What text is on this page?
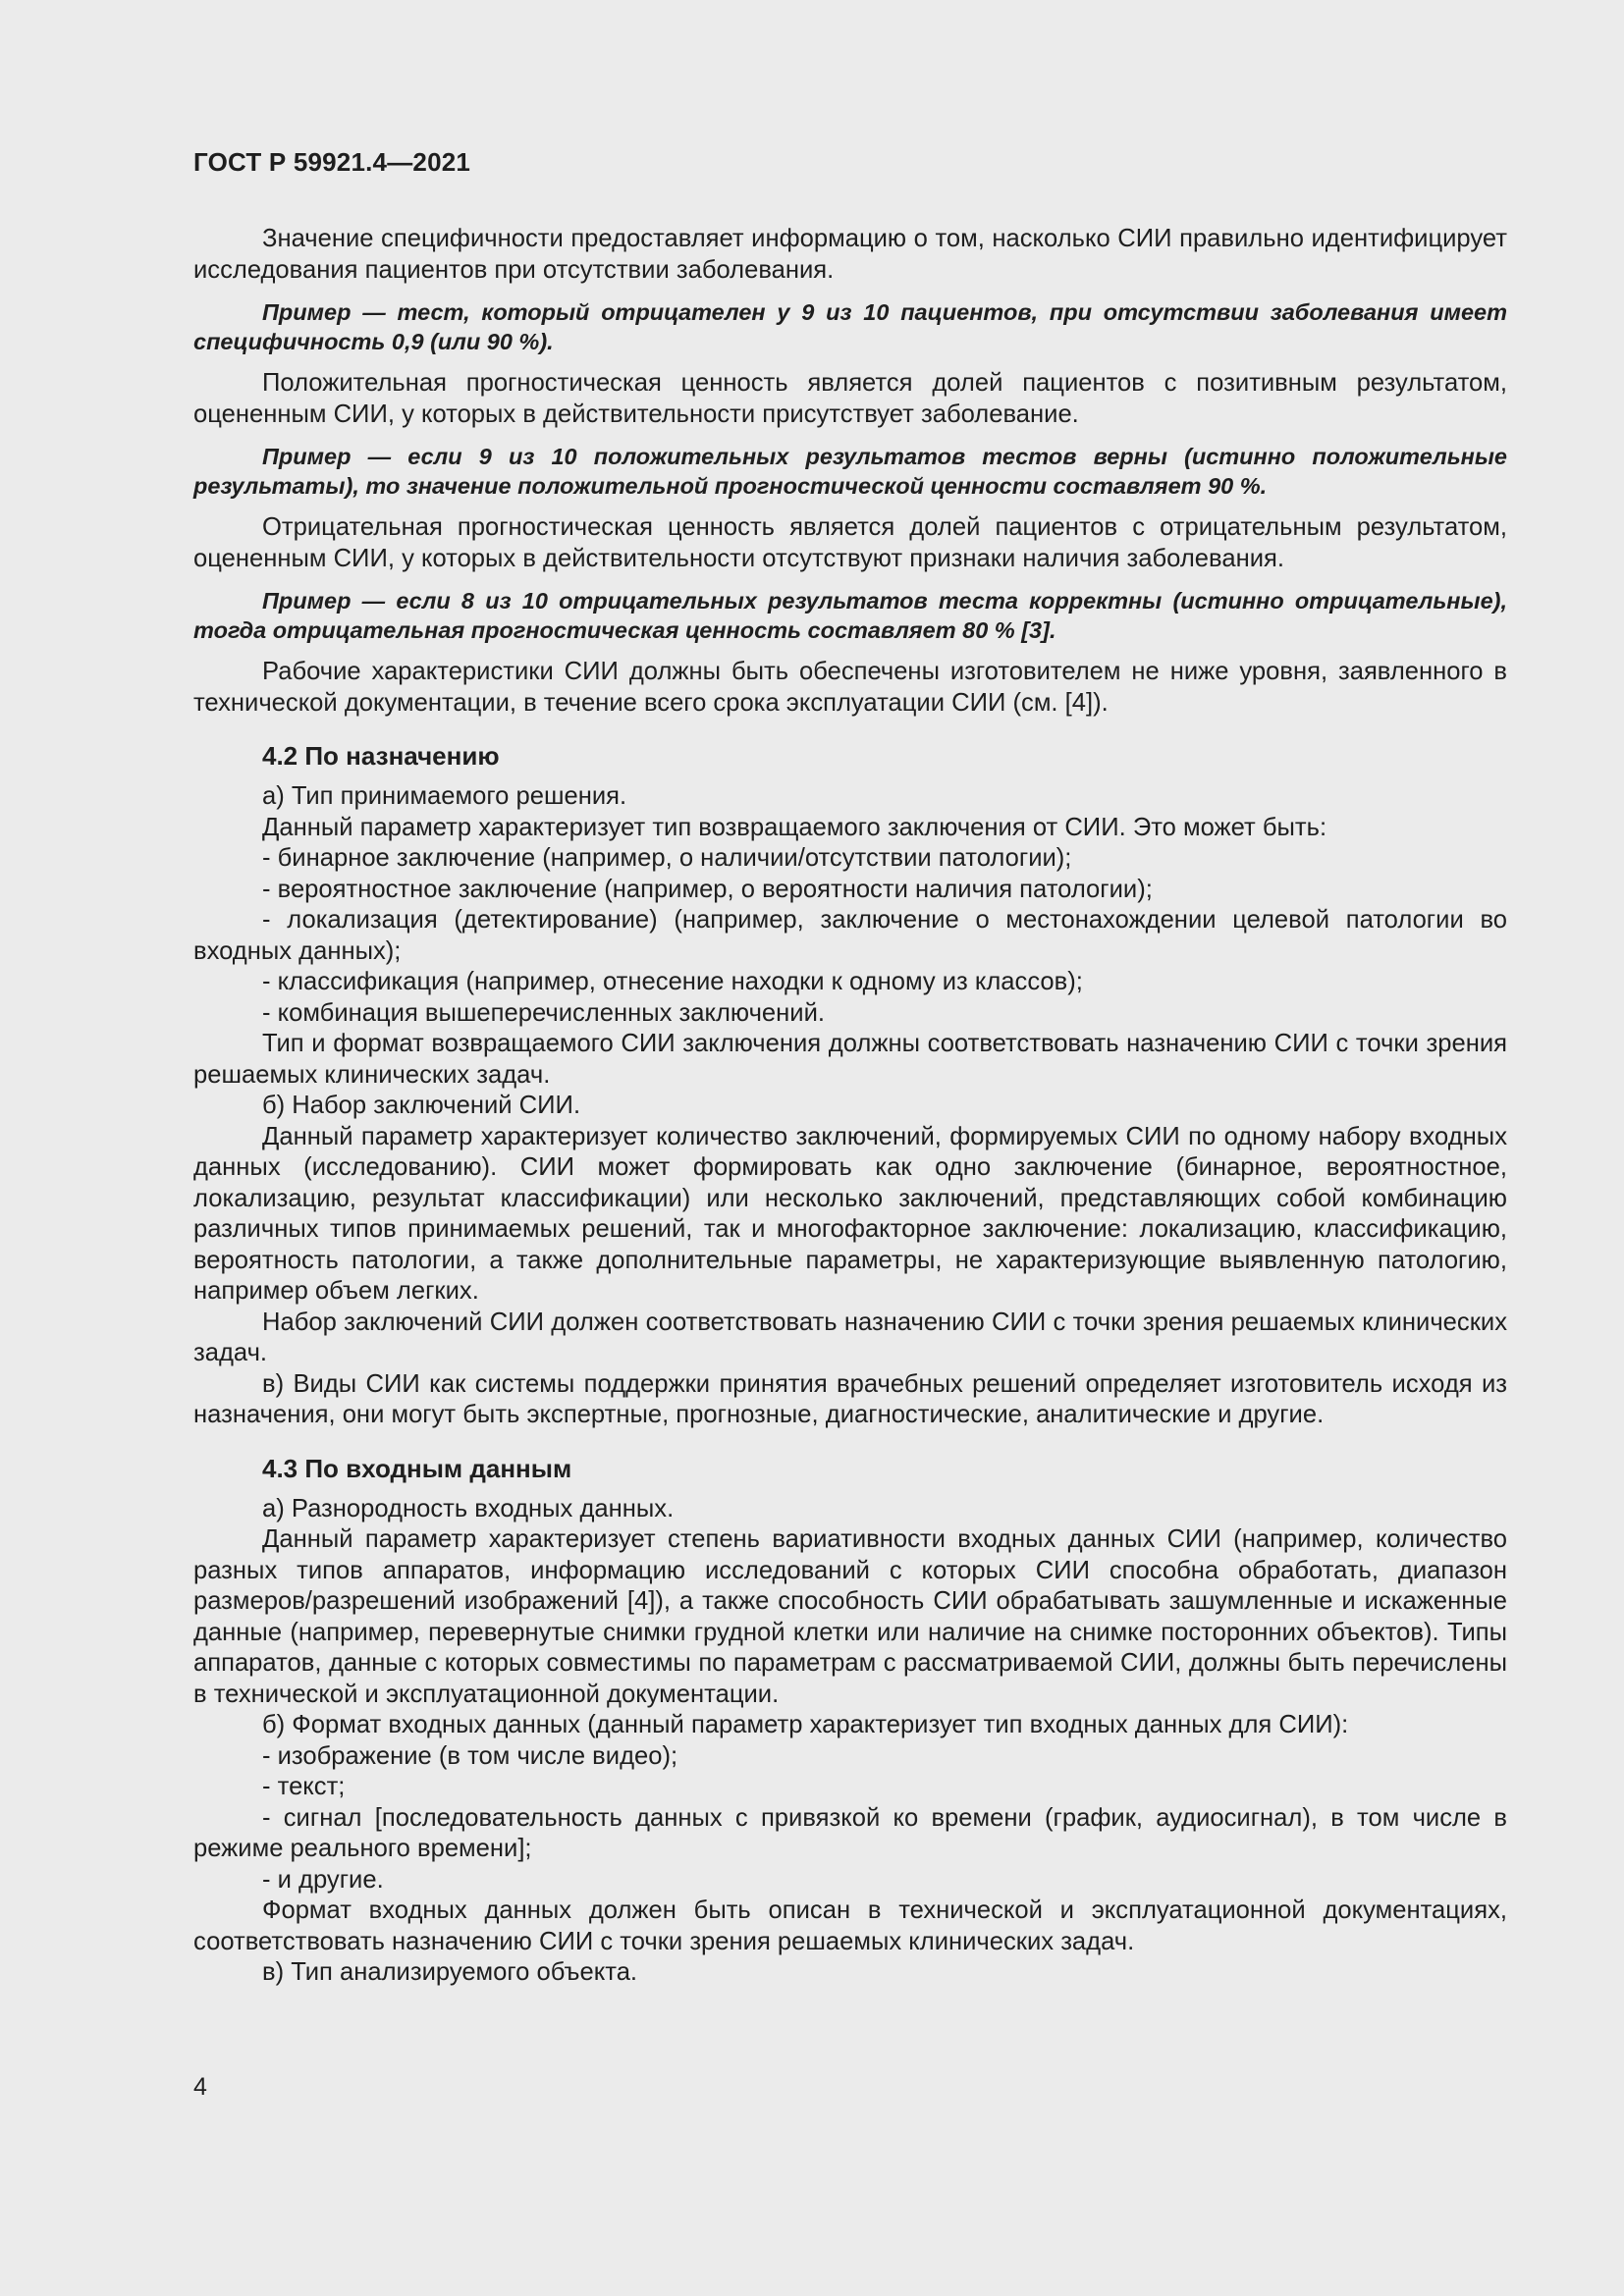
ГОСТ Р 59921.4—2021

Значение специфичности предоставляет информацию о том, насколько СИИ правильно идентифицирует исследования пациентов при отсутствии заболевания.

Пример — тест, который отрицателен у 9 из 10 пациентов, при отсутствии заболевания имеет специфичность 0,9 (или 90 %).

Положительная прогностическая ценность является долей пациентов с позитивным результатом, оцененным СИИ, у которых в действительности присутствует заболевание.

Пример — если 9 из 10 положительных результатов тестов верны (истинно положительные результаты), то значение положительной прогностической ценности составляет 90 %.

Отрицательная прогностическая ценность является долей пациентов с отрицательным результатом, оцененным СИИ, у которых в действительности отсутствуют признаки наличия заболевания.

Пример — если 8 из 10 отрицательных результатов теста корректны (истинно отрицательные), тогда отрицательная прогностическая ценность составляет 80 % [3].

Рабочие характеристики СИИ должны быть обеспечены изготовителем не ниже уровня, заявленного в технической документации, в течение всего срока эксплуатации СИИ (см. [4]).

4.2 По назначению

а) Тип принимаемого решения.

Данный параметр характеризует тип возвращаемого заключения от СИИ. Это может быть:

- бинарное заключение (например, о наличии/отсутствии патологии);

- вероятностное заключение (например, о вероятности наличия патологии);

- локализация (детектирование) (например, заключение о местонахождении целевой патологии во входных данных);

- классификация (например, отнесение находки к одному из классов);

- комбинация вышеперечисленных заключений.

Тип и формат возвращаемого СИИ заключения должны соответствовать назначению СИИ с точки зрения решаемых клинических задач.

б) Набор заключений СИИ.

Данный параметр характеризует количество заключений, формируемых СИИ по одному набору входных данных (исследованию). СИИ может формировать как одно заключение (бинарное, вероятностное, локализацию, результат классификации) или несколько заключений, представляющих собой комбинацию различных типов принимаемых решений, так и многофакторное заключение: локализацию, классификацию, вероятность патологии, а также дополнительные параметры, не характеризующие выявленную патологию, например объем легких.

Набор заключений СИИ должен соответствовать назначению СИИ с точки зрения решаемых клинических задач.

в) Виды СИИ как системы поддержки принятия врачебных решений определяет изготовитель исходя из назначения, они могут быть экспертные, прогнозные, диагностические, аналитические и другие.

4.3 По входным данным

а) Разнородность входных данных.

Данный параметр характеризует степень вариативности входных данных СИИ (например, количество разных типов аппаратов, информацию исследований с которых СИИ способна обработать, диапазон размеров/разрешений изображений [4]), а также способность СИИ обрабатывать зашумленные и искаженные данные (например, перевернутые снимки грудной клетки или наличие на снимке посторонних объектов). Типы аппаратов, данные с которых совместимы по параметрам с рассматриваемой СИИ, должны быть перечислены в технической и эксплуатационной документации.

б) Формат входных данных (данный параметр характеризует тип входных данных для СИИ):

- изображение (в том числе видео);

- текст;

- сигнал [последовательность данных с привязкой ко времени (график, аудиосигнал), в том числе в режиме реального времени];

- и другие.

Формат входных данных должен быть описан в технической и эксплуатационной документациях, соответствовать назначению СИИ с точки зрения решаемых клинических задач.

в) Тип анализируемого объекта.

4
